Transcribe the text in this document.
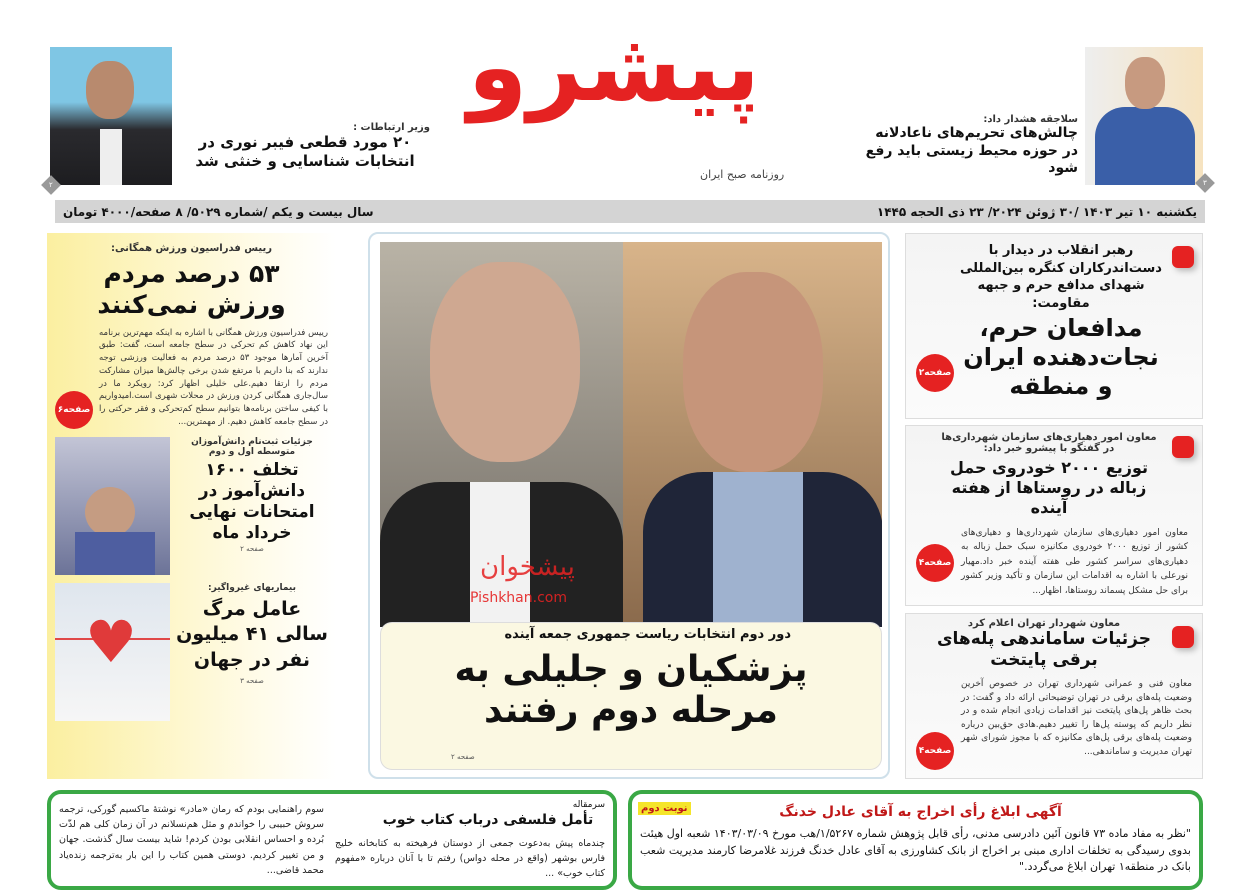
۲
وزیر ارتباطات :
۲۰ مورد قطعی فیبر نوری در انتخابات شناسایی و خنثی شد
پیشرو
روزنامه صبح ایران
سلاجقه هشدار داد:
چالش‌های تحریم‌های ناعادلانه در حوزه محیط زیستی باید رفع شود
۳
یکشنبه ۱۰ تیر ۱۴۰۳ /۳۰ ژوئن ۲۰۲۴/ ۲۳ ذی الحجه ۱۴۴۵
سال بیست و یکم /شماره ۵۰۲۹/ ۸ صفحه/۴۰۰۰ تومان
رهبر انقلاب در دیدار با دست‌اندرکاران کنگره بین‌المللی شهدای مدافع حرم و جبهه مقاومت:
مدافعان حرم، نجات‌دهنده ایران و منطقه
صفحه۲
معاون امور دهیاری‌های سازمان شهرداری‌ها در گفتگو با پیشرو خبر داد:
توزیع ۲۰۰۰ خودروی حمل زباله در روستاها از هفته آینده
معاون امور دهیاری‌های سازمان شهرداری‌ها و دهیاری‌های کشور از توزیع ۲۰۰۰ خودروی مکانیزه سبک حمل زباله به دهیاری‌های سراسر کشور طی هفته آینده خبر داد.مهیار نورعلی با اشاره به اقدامات این سازمان و تأکید وزیر کشور برای حل مشکل پسماند روستاها، اظهار...
صفحه۴
معاون شهردار تهران اعلام کرد
جزئیات ساماندهی پله‌های برقی پایتخت
معاون فنی و عمرانی شهرداری تهران در خصوص آخرین وضعیت پله‌های برقی در تهران توضیحاتی ارائه داد و گفت: در بحث ظاهر پل‌های پایتخت نیز اقدامات زیادی انجام شده و در نظر داریم که پوسته پل‌ها را تغییر دهیم.هادی حق‌بین درباره وضعیت پله‌های برقی پل‌های مکانیزه که با مجوز شورای شهر تهران مدیریت و ساماندهی...
صفحه۴
پیشخوان
Pishkhan.com
دور دوم انتخابات ریاست جمهوری جمعه آینده
پزشکیان و جلیلی به مرحله دوم رفتند
صفحه ۲
رییس فدراسیون ورزش همگانی:
۵۳ درصد مردم ورزش نمی‌کنند
رییس فدراسیون ورزش همگانی با اشاره به اینکه مهم‌ترین برنامه این نهاد کاهش کم تحرکی در سطح جامعه است، گفت: طبق آخرین آمارها موجود ۵۳ درصد مردم به فعالیت ورزشی توجه ندارند که بنا داریم با مرتفع شدن برخی چالش‌ها میزان مشارکت مردم را ارتقا دهیم.علی خلیلی اظهار کرد: رویکرد ما در سال‌جاری همگانی کردن ورزش در محلات شهری است.امیدواریم با کیفی ساختن برنامه‌ها بتوانیم سطح کم‌تحرکی و فقر حرکتی را در سطح جامعه کاهش دهیم. از مهمترین...
صفحه۶
جزئیات ثبت‌نام دانش‌آموزان متوسطه اول و دوم
تخلف ۱۶۰۰ دانش‌آموز در امتحانات نهایی خرداد ماه
صفحه ۲
♥
بیماریهای غیرواگیر:
عامل مرگ سالی ۴۱ میلیون نفر در جهان
صفحه ۳
نوبت دوم	آگهی ابلاغ رأی اخراج به آقای عادل خدنگ
"نظر به مفاد ماده ۷۳ قانون آئین دادرسی مدنی، رأی قابل پژوهش شماره ۱/۵۲۶۷/هب مورخ ۱۴۰۳/۰۳/۰۹ شعبه اول هیئت بدوی رسیدگی به تخلفات اداری مبنی بر اخراج از بانک کشاورزی به آقای عادل خدنگ فرزند غلامرضا کارمند مدیریت شعب بانک در منطقه۱ تهران ابلاغ می‌گردد."
سرمقاله
تأمل فلسفی درباب کتاب خوب
چندماه پیش به‌دعوت جمعی از دوستان فرهیخته به کتابخانه خلیج فارس بوشهر (واقع در محله دواس) رفتم تا با آنان درباره «مفهوم کتاب خوب» ...
سوم راهنمایی بودم که رمان «مادر» نوشتهٔ ماکسیم گورکی، ترجمه سروش حبیبی را خواندم و مثل هم‌نسلانم در آن زمان کلی هم لذّت بُرده و احساس انقلابی بودن کردم! شاید بیست سال گذشت. جهان و من تغییر کردیم. دوستی همین کتاب را این بار به‌ترجمه زنده‌یاد محمد قاضی...
